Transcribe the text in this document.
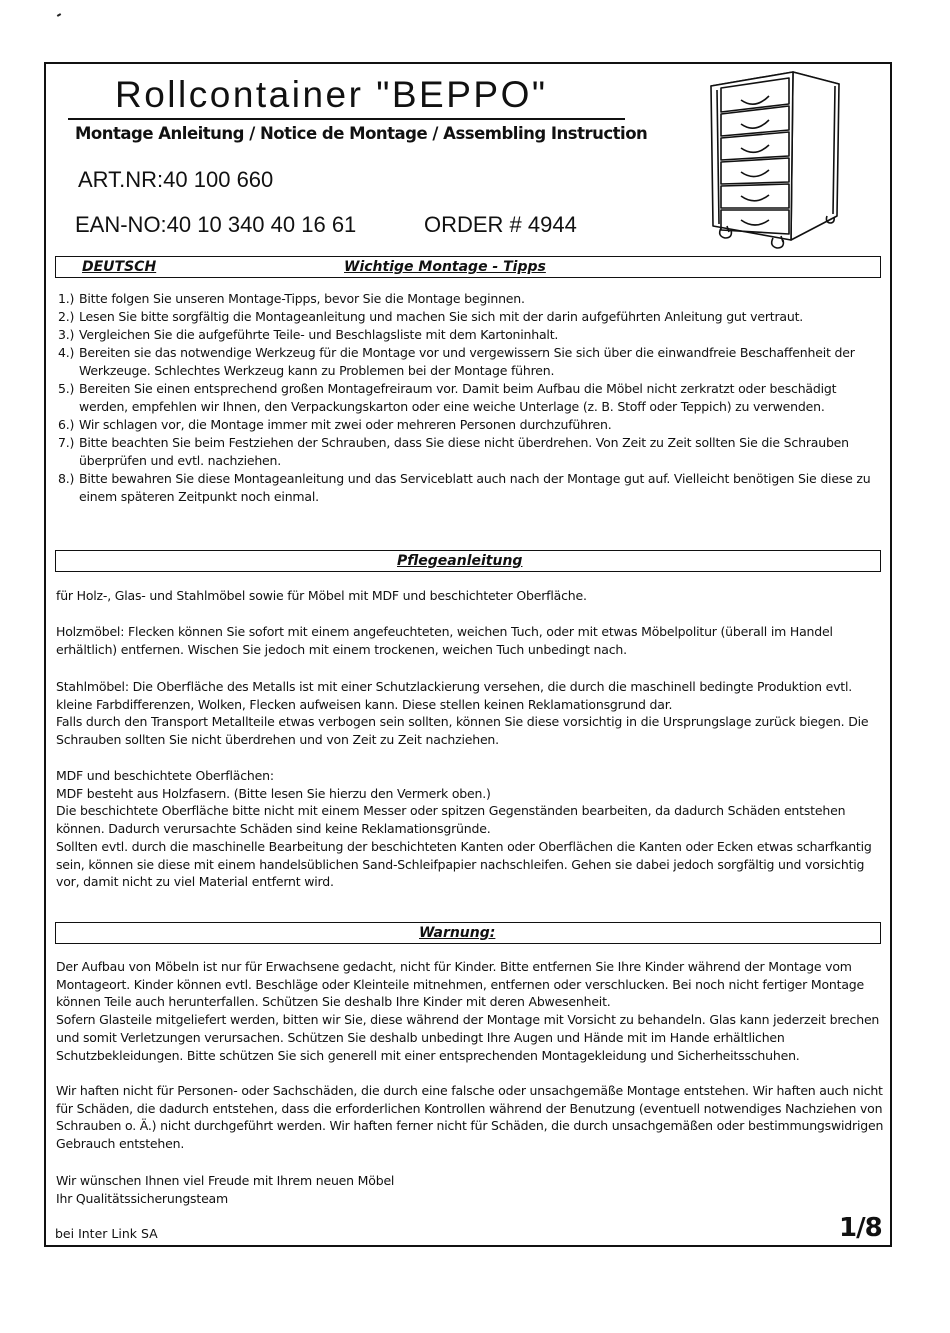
Rollcontainer "BEPPO"
Montage Anleitung / Notice de Montage / Assembling Instruction
ART.NR:40 100 660
EAN-NO:40 10 340 40 16 61	ORDER # 4944
DEUTSCH	Wichtige Montage - Tipps
1.) Bitte folgen Sie unseren Montage-Tipps, bevor Sie die Montage beginnen.
2.) Lesen Sie bitte sorgfältig die Montageanleitung und machen Sie sich mit der darin aufgeführten Anleitung gut vertraut.
3.) Vergleichen Sie die aufgeführte Teile- und Beschlagsliste mit dem Kartoninhalt.
4.) Bereiten sie das notwendige Werkzeug für die Montage vor und vergewissern Sie sich über die einwandfreie Beschaffenheit der Werkzeuge. Schlechtes Werkzeug kann zu Problemen bei der Montage führen.
5.) Bereiten Sie einen entsprechend großen Montagefreiraum vor. Damit beim Aufbau die Möbel nicht zerkratzt oder beschädigt werden, empfehlen wir Ihnen, den Verpackungskarton oder eine weiche Unterlage (z. B. Stoff oder Teppich) zu verwenden.
6.) Wir schlagen vor, die Montage immer mit zwei oder mehreren Personen durchzuführen.
7.) Bitte beachten Sie beim Festziehen der Schrauben, dass Sie diese nicht überdrehen. Von Zeit zu Zeit sollten Sie die Schrauben überprüfen und evtl. nachziehen.
8.) Bitte bewahren Sie diese Montageanleitung und das Serviceblatt auch nach der Montage gut auf. Vielleicht benötigen Sie diese zu einem späteren Zeitpunkt noch einmal.
Pflegeanleitung

für Holz-, Glas- und Stahlmöbel sowie für Möbel mit MDF und beschichteter Oberfläche.

Holzmöbel: Flecken können Sie sofort mit einem angefeuchteten, weichen Tuch, oder mit etwas Möbelpolitur (überall im Handel erhältlich) entfernen. Wischen Sie jedoch mit einem trockenen, weichen Tuch unbedingt nach.

Stahlmöbel: Die Oberfläche des Metalls ist mit einer Schutzlackierung versehen, die durch die maschinell bedingte Produktion evtl. kleine Farbdifferenzen, Wolken, Flecken aufweisen kann. Diese stellen keinen Reklamationsgrund dar.
Falls durch den Transport Metallteile etwas verbogen sein sollten, können Sie diese vorsichtig in die Ursprungslage zurück biegen. Die Schrauben sollten Sie nicht überdrehen und von Zeit zu Zeit nachziehen.

MDF und beschichtete Oberflächen:
MDF besteht aus Holzfasern. (Bitte lesen Sie hierzu den Vermerk oben.)
Die beschichtete Oberfläche bitte nicht mit einem Messer oder spitzen Gegenständen bearbeiten, da dadurch Schäden entstehen können. Dadurch verursachte Schäden sind keine Reklamationsgründe.
Sollten evtl. durch die maschinelle Bearbeitung der beschichteten Kanten oder Oberflächen die Kanten oder Ecken etwas scharfkantig sein, können sie diese mit einem handelsüblichen Sand-Schleifpapier nachschleifen. Gehen sie dabei jedoch sorgfältig und vorsichtig vor, damit nicht zu viel Material entfernt wird.

Warnung:

Der Aufbau von Möbeln ist nur für Erwachsene gedacht, nicht für Kinder. Bitte entfernen Sie Ihre Kinder während der Montage vom Montageort. Kinder können evtl. Beschläge oder Kleinteile mitnehmen, entfernen oder verschlucken. Bei noch nicht fertiger Montage können Teile auch herunterfallen. Schützen Sie deshalb Ihre Kinder mit deren Abwesenheit.
Sofern Glasteile mitgeliefert werden, bitten wir Sie, diese während der Montage mit Vorsicht zu behandeln. Glas kann jederzeit brechen und somit Verletzungen verursachen. Schützen Sie deshalb unbedingt Ihre Augen und Hände mit im Hande erhältlichen Schutzbekleidungen. Bitte schützen Sie sich generell mit einer entsprechenden Montagekleidung und Sicherheitsschuhen.

Wir haften nicht für Personen- oder Sachschäden, die durch eine falsche oder unsachgemäße Montage entstehen. Wir haften auch nicht für Schäden, die dadurch entstehen, dass die erforderlichen Kontrollen während der Benutzung (eventuell notwendiges Nachziehen von Schrauben o. Ä.) nicht durchgeführt werden. Wir haften ferner nicht für Schäden, die durch unsachgemäßen oder bestimmungswidrigen Gebrauch entstehen.

Wir wünschen Ihnen viel Freude mit Ihrem neuen Möbel
Ihr Qualitätssicherungsteam

bei Inter Link SA	1/8
